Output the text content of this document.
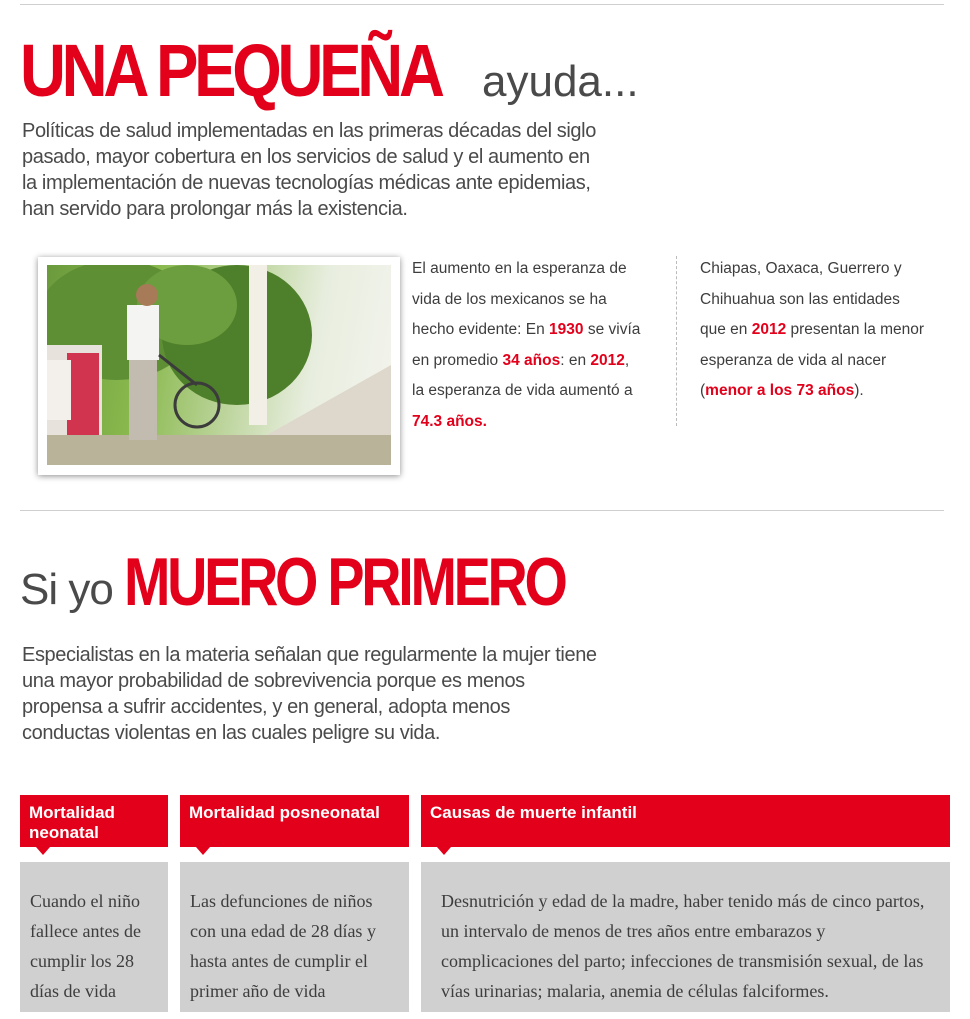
UNA PEQUEÑA ayuda...

Políticas de salud implementadas en las primeras décadas del siglo pasado, mayor cobertura en los servicios de salud y el aumento en la implementación de nuevas tecnologías médicas ante epidemias, han servido para prolongar más la existencia.

El aumento en la esperanza de vida de los mexicanos se ha hecho evidente: En 1930 se vivía en promedio 34 años: en 2012, la esperanza de vida aumentó a 74.3 años.
Chiapas, Oaxaca, Guerrero y Chihuahua son las entidades que en 2012 presentan la menor esperanza de vida al nacer (menor a los 73 años).
Si yo MUERO PRIMERO

Especialistas en la materia señalan que regularmente la mujer tiene una mayor probabilidad de sobrevivencia porque es menos propensa a sufrir accidentes, y en general, adopta menos conductas violentas en las cuales peligre su vida.

Mortalidad neonatal
Mortalidad posneonatal	Causas de muerte infantil
Cuando el niño fallece antes de cumplir los 28 días de vida
Las defunciones de niños con una edad de 28 días y hasta antes de cumplir el primer año de vida
Desnutrición y edad de la madre, haber tenido más de cinco partos, un intervalo de menos de tres años entre embarazos y complicaciones del parto; infecciones de transmisión sexual, de las vías urinarias; malaria, anemia de células falciformes.
